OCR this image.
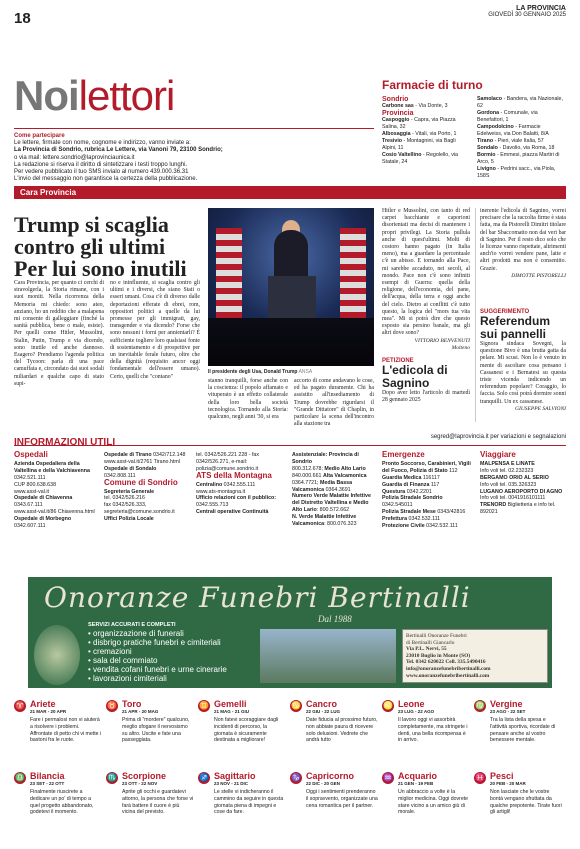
18
LA PROVINCIA
GIOVEDÌ 30 GENNAIO 2025
Noilettori
Come partecipare
Le lettere, firmate con nome, cognome e indirizzo, vanno inviate a:
La Provincia di Sondrio, rubrica Le Lettere, via Vanoni 79, 23100 Sondrio;
o via mail: lettere.sondrio@laprovinciaunica.it
La redazione si riserva il diritto di sintetizzare i testi troppo lunghi.
Per vedere pubblicato il tuo SMS invialo al numero 439.000.36.31
L'invio del messaggio non garantisce la certezza della pubblicazione.
Farmacie di turno
Sondrio
Carbone sas - Via Donte, 3
Provincia
Caspoggio - Capra, via Piazza Salina, 32
Albosaggia - Vitali, via Porto, 1
Tresivio - Montagnini, via Bagli Alpini, 11
Cosio Valtellino - Regolello, via Statale, 24
Samolaco - Bandera, via Nazionale, 62
Gordona - Comunale, via Benefattori, 1
Campodolcino - Farmacie Edelweiss, via Don Balatti, 8/A
Tirano - Pieri, viale Italia, 57
Sondalo - Davolio, via Roma, 18
Bormio - Emmesi, piazza Martiri di Arco, 5
Livigno - Pedrini sacc., via Piola, 158S
Cara Provincia
Trump si scaglia contro gli ultimi Per lui sono inutili
Cara Provincia, per quanto ci cerchi di stravolgerla, la Storia rimane, con i suoi moniti. Nella ricorrenza della Memoria mi chiedo: sono ateo, anziano, ho un reddito che a malapena mi consente di galleggiare (finché la sanità pubblica, bene o male, esiste). Per quelli come Hitler, Mussolini, Stalin, Putin, Trump e via dicendo, sono inutile ed anche dannoso. Esagero? Prendiamo l'agenda politica del Tycoon: parla di una pace camuffata e, circondato dai suoi sodali miliardari e qualche capo di stato supi-
no e ininfluente, si scaglia contro gli ultimi e i diversi, che siano Stati o esseri umani. Cosa c'è di diverso dalle deportazioni efferate di ebrei, rom, oppositori politici a quelle da lui promesse per gli immigrati, gay, transgender e via dicendo? Forse che sono nessuni i forni per annientarli? È sufficiente togliere loro qualsiasi fonte di sostentamento e di prospettive per un inevitabile ferale futuro, oltre che della dignità (requisito ancor oggi fondamentale dell'essere umano). Certo, quelli che "contano"
Il presidente degli Usa, Donald Trump ANSA
stanno tranquilli, forse anche con la coscienza: il popolo affamato e vituperato è un effetto collaterale della loro bella società tecnologica. Tornando alla Storia: qualcuno, negli anni '30, si era
accorto di come andavano le cose, ed ha pagato duramente. Chi ha assistito all'insediamento di Trump dovrebbe rigurdarsi il "Grande Dittatore" di Chaplin, in particolare la scena dell'incontro alla stazione tra
Hitler e Mussolini, con tanto di red carpet bacchiante e caporioni disorientati ma decisi di mantenere i propri privilegi. La Storia pullula anche di quest'ultimi. Molti di costoro hanno pagato (in Italia meno), ma a guardare la percentuale c'è un abisso. E tornando alla Pace, mi sarebbe accaduto, nei secoli, al mondo. Pace non c'è sono infiniti esempi di Guerra: quella della religione, dell'economia, del pane, dell'acqua, della terra e oggi anche del cielo. Dietro ai conflitti c'è tutto questo, la logica del "mors tua vita mea". Mi si potrà dire che questo esposto sia persino banale, ma gli altri dove sono?
VITTORIO BENVENUTI
Molteno
PETIZIONE
L'edicola di Sagnino
Dopo aver letto l'articolo di martedì 28 gennaio 2025
inerente l'edicola di Sagnino, vorrei precisare che la raccolta firme è stata fatta, ma da Pistorelli Dimitri titolare del bar Sbaccomatto non dai veri bar di Sagnino. Per il resto dico solo che le licenze vanno rispettate, altrimenti anch'io vorrei vendere pane, latte e altri prodotti ma non è consentito. Grazie.
DIMOTTE PISTORELLI
SUGGERIMENTO
Referendum sui pannelli
Signora sindaca Sovegni, la questione Bivo è una brutta gatta da pelare. Mi scusi. Non lo è venuto in mente di ascoltare cosa pensano i Cassanesi e i Bernatesi su questa triste vicenda indicendo un referendum popolare? Coraggio, lo faccia. Solo così potrà dormire sonni tranquilli. Un ex cassanese.
GIUSEPPE SALVIONI
INFORMAZIONI UTILI	segred@laprovincia.it per variazioni e segnalazioni
Ospedali
Azienda Ospedaliera della Valtellina e della Valchiavenna
0342.521.111
CUP 800.638.638
www.asst-val.it
Ospedale di Chiavenna 0343.67.111
www.asst-val.it/86 Chiavenna.html
Ospedale di Morbegno 0342.607.111
Ospedale di Tirano 0342/712.148
www.asst-val.it/2761 Tirano.html
Ospedale di Sondalo 0342.808.111
Comune di Sondrio
Segreteria Generale
tel. 0342/526.216
fax 0342/526.333,
segreteria@comune.sondrio.it
Uffici Polizia Locale
tel. 0342/526.221 228 - fax
0342/526.271, e-mail:
polizia@comune.sondrio.it
ATS della Montagna
Centralino 0342.555.111
www.ats-montagna.it
Ufficio relazioni con il pubblico:
0342.555.713
Centrali operative Continuità
Assistenziale: Provincia di Sondrio
800.312.678; Medio Alto Lario
840.000.661 Alta Valcamonica
0364.7721; Media Bassa
Valcamonica 0364.3691
Numero Verde Malattie Infettive
del Distretto Valtellina e Medio
Alto Lario: 800.572.662
N. Verde Malattie Infettive
Valcamonica: 800.076.323
Emergenze
Pronto Soccorso, Carabinieri, Vigili del Fuoco, Polizia di Stato 112
Guardia Medica 116117
Guardia di Finanza 117
Questura 0342.2201
Polizia Stradale Sondrio
0342.545011
Polizia Stradale Mese 0343/42816
Prefettura 0342.532.111
Protezione Civile 0342.532.111
Viaggiare
MALPENSA E LINATE
Info voli tel. 02.232323
BERGAMO ORIO AL SERIO
Info voli tel. 035.326323
LUGANO AEROPORTO DI AGNO
Info voli tel. 0041916101111
TRENORD Biglietteria e info tel.
892021
Onoranze Funebri Bertinalli
Dal 1988
SERVIZI ACCURATI E COMPLETI
• organizzazione di funerali
• disbrigo pratiche funebri e cimiteriali
• cremazioni
• sala del commiato
• vendita cofani funebri e urne cinerarie
• lavorazioni cimiteriali
Bertinalli Onoranze Funebri
di Bertinalli Giancarlo
Via P.L. Nervi, 55
23010 Buglio in Monte (SO)
Tel. 0342 620022 Cell. 335.5490416
info@onoranzefunebribertinalli.com
www.onoranzefunebribertinalli.com
♈ Ariete
21 MAR - 20 APR
Fare i permalosi non vi aiuterà a risolvere i problemi. Affrontate di petto chi vi mette i bastoni fra le ruote.
♉ Toro
21 APR - 20 MAG
Prima di "mordere" qualcuno, meglio sfogare il nervosismo su altro. Uscite e fate una passeggiata.
♊ Gemelli
21 MAG - 21 GIU
Non fatevi scoraggiare dagli incidenti di percorso, la giornata è sicuramente destinata a migliorare!
♋ Cancro
22 GIU - 22 LUG
Date fiducia al prossimo futuro, non abbiate paura di ricevere solo delusioni. Vedrete che andrà tutto
♌ Leone
23 LUG - 22 AGO
Il lavoro oggi vi assorbirà completamente, ma stringete i denti, una bella ricompensa è in arrivo.
♍ Vergine
23 AGO - 22 SET
Tra la lista della spesa e l'attività sportiva, ricordate di pensare anche al vostro benessere mentale.
♎ Bilancia
23 SET - 22 OTT
Finalmente riuscirete a dedicare un po' di tempo a quel progetto abbandonato, godetevi il momento.
♏ Scorpione
23 OTT - 22 NOV
Aprite gli occhi e guardatevi attorno, la persona che forse vi farà battere il cuore è più vicina del previsto.
♐ Sagittario
23 NOV - 21 DIC
Le stelle vi indicheranno il cammino da seguire in questa giornata piena di impegni e cose da fare.
♑ Capricorno
22 DIC - 20 GEN
Oggi i sentimenti prenderanno il sopravvento, organizzate una cena romantica per il partner.
♒ Acquario
21 GEN - 19 FEB
Un abbraccio a volte è la miglior medicina. Oggi dovrete stare vicino a un amico giù di morale.
♓ Pesci
20 FEB - 20 MAR
Non lasciate che le vostre bontà vengano sfruttata da qualche prepotente. Tirate fuori gli artigli!
